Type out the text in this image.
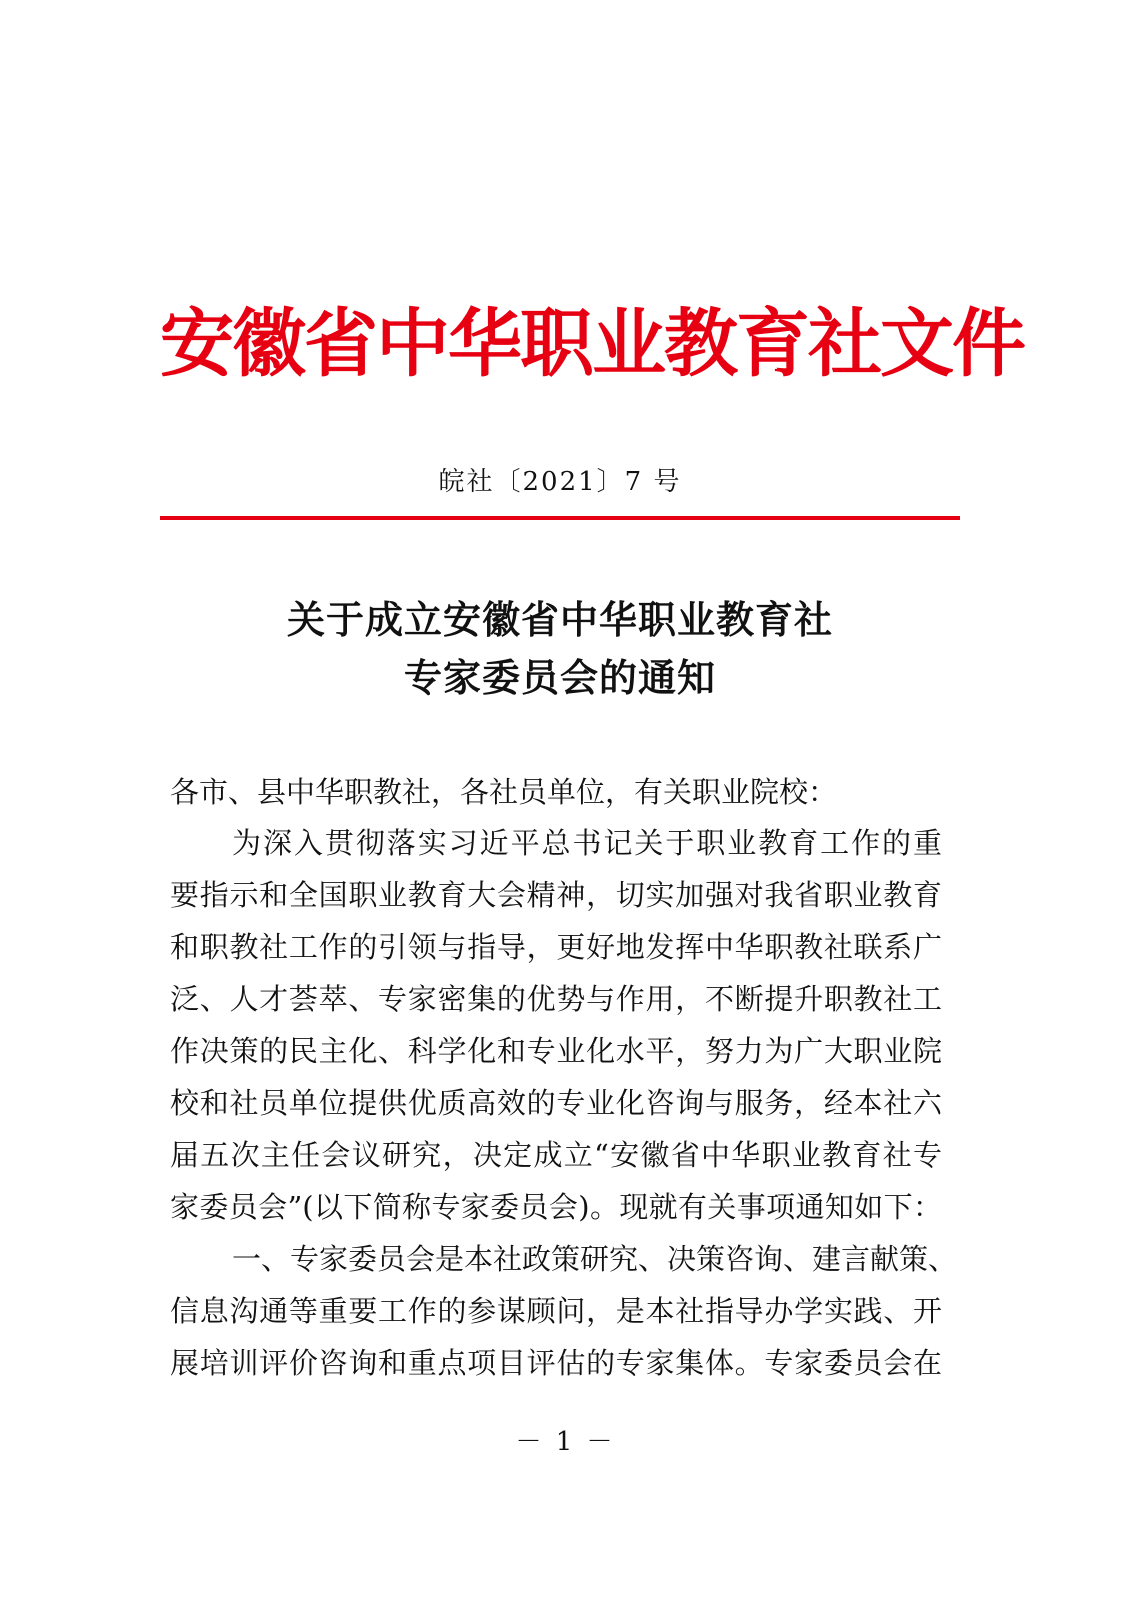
安徽省中华职业教育社文件
皖社〔2021〕7 号
关于成立安徽省中华职业教育社
专家委员会的通知
各市、县中华职教社，各社员单位，有关职业院校：
为深入贯彻落实习近平总书记关于职业教育工作的重
要指示和全国职业教育大会精神，切实加强对我省职业教育
和职教社工作的引领与指导，更好地发挥中华职教社联系广
泛、人才荟萃、专家密集的优势与作用，不断提升职教社工
作决策的民主化、科学化和专业化水平，努力为广大职业院
校和社员单位提供优质高效的专业化咨询与服务，经本社六
届五次主任会议研究，决定成立“安徽省中华职业教育社专
家委员会”(以下简称专家委员会)。现就有关事项通知如下：
一、专家委员会是本社政策研究、决策咨询、建言献策、
信息沟通等重要工作的参谋顾问，是本社指导办学实践、开
展培训评价咨询和重点项目评估的专家集体。专家委员会在
－ 1 －
